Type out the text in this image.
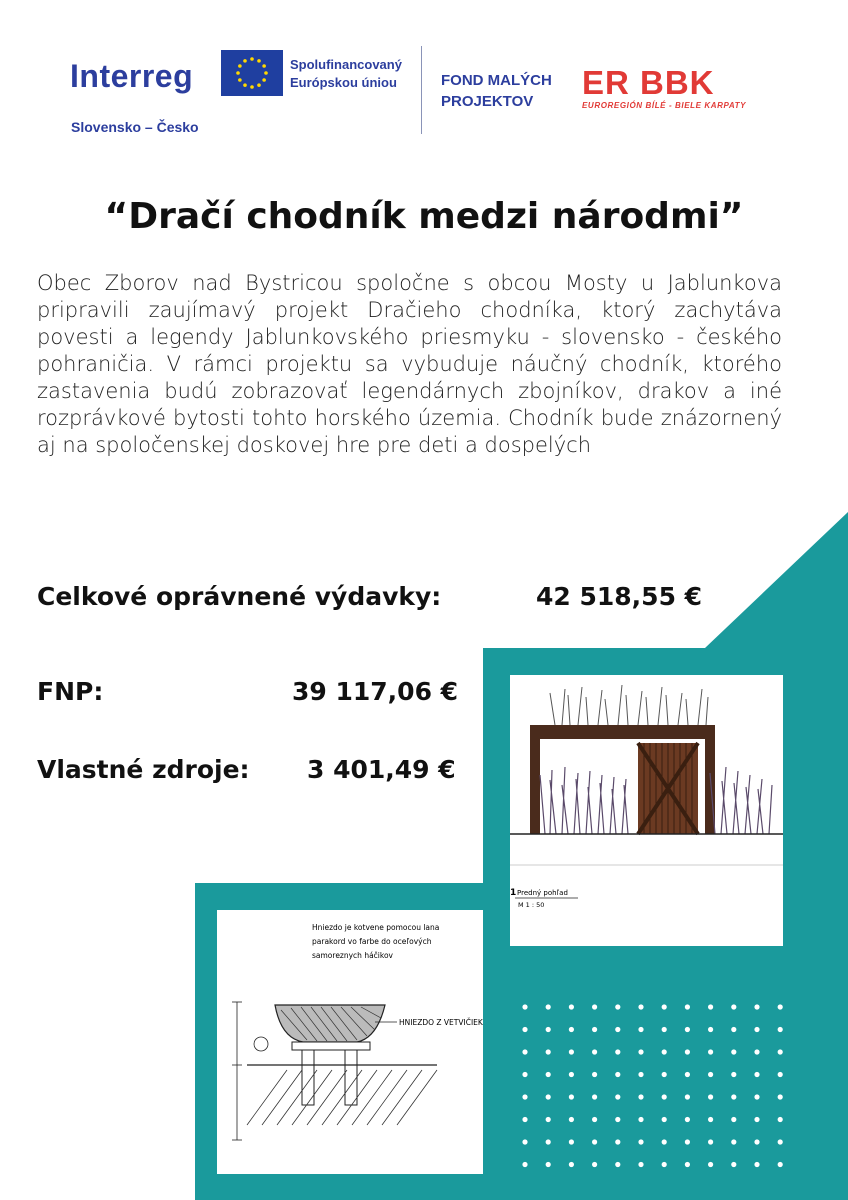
Interreg
Slovensko – Česko
Spolufinancovaný
Európskou úniou	FOND MALÝCH
PROJEKTOV
ER BBK
EUROREGIÓN BÍLÉ - BIELE KARPATY
“Dračí chodník medzi národmi”
Obec Zborov nad Bystricou spoločne s obcou Mosty u Jablunkova pripravili zaujímavý projekt Dračieho chodníka, ktorý zachytáva povesti a legendy Jablunkovského priesmyku - slovensko - českého pohraničia. V rámci projektu sa vybuduje náučný chodník, ktorého zastavenia budú zobrazovať legendárnych zbojníkov, drakov a iné rozprávkové bytosti tohto horského územia. Chodník bude znázornený aj na spoločenskej doskovej hre pre deti a dospelých
Celkové oprávnené výdavky:	42 518,55 €
FNP:	39 117,06 €
Vlastné zdroje: 3 401,49 €
1 Predný pohľad
M 1 : 50
Hniezdo je kotvene pomocou lana
parakord vo farbe do oceľových
samoreznych háčikov
HNIEZDO Z VETVIČIEK
